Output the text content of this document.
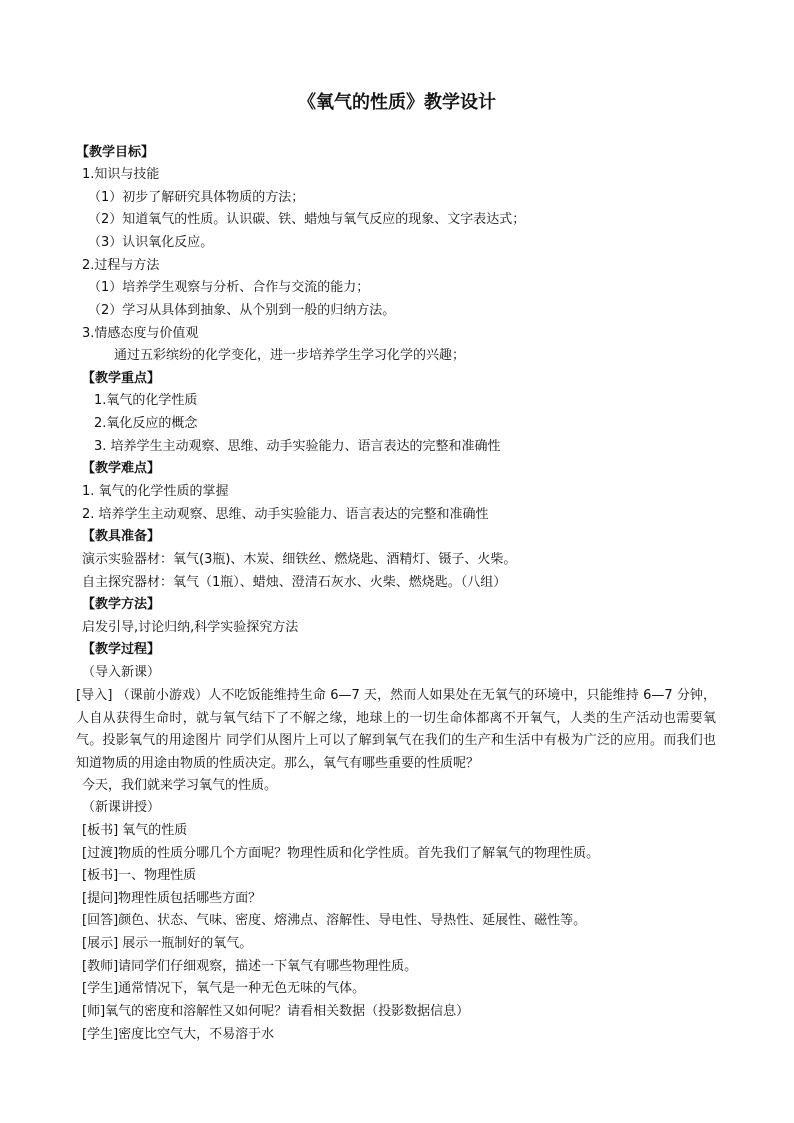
《氧气的性质》教学设计
【教学目标】
1.知识与技能
（1）初步了解研究具体物质的方法；
（2）知道氧气的性质。认识碳、铁、蜡烛与氧气反应的现象、文字表达式；
（3）认识氧化反应。
2.过程与方法
（1）培养学生观察与分析、合作与交流的能力；
（2）学习从具体到抽象、从个别到一般的归纳方法。
3.情感态度与价值观
通过五彩缤纷的化学变化，进一步培养学生学习化学的兴趣；
【教学重点】
1.氧气的化学性质
2.氧化反应的概念
3. 培养学生主动观察、思维、动手实验能力、语言表达的完整和准确性
【教学难点】
1. 氧气的化学性质的掌握
2. 培养学生主动观察、思维、动手实验能力、语言表达的完整和准确性
【教具准备】
演示实验器材：氧气(3瓶)、木炭、细铁丝、燃烧匙、酒精灯、镊子、火柴。
自主探究器材：氧气（1瓶）、蜡烛、澄清石灰水、火柴、燃烧匙。（八组）
【教学方法】
启发引导,讨论归纳,科学实验探究方法
【教学过程】
（导入新课）
[导入] （课前小游戏）人不吃饭能维持生命 6—7 天，然而人如果处在无氧气的环境中，只能维持 6—7 分钟，人自从获得生命时，就与氧气结下了不解之缘，地球上的一切生命体都离不开氧气，人类的生产活动也需要氧气。投影氧气的用途图片 同学们从图片上可以了解到氧气在我们的生产和生活中有极为广泛的应用。而我们也知道物质的用途由物质的性质决定。那么，氧气有哪些重要的性质呢？
今天，我们就来学习氧气的性质。
（新课讲授）
[板书] 氧气的性质
[过渡]物质的性质分哪几个方面呢？物理性质和化学性质。首先我们了解氧气的物理性质。
[板书]一、物理性质
[提问]物理性质包括哪些方面？
[回答]颜色、状态、气味、密度、熔沸点、溶解性、导电性、导热性、延展性、磁性等。
[展示] 展示一瓶制好的氧气。
[教师]请同学们仔细观察，描述一下氧气有哪些物理性质。
[学生]通常情况下，氧气是一种无色无味的气体。
[师]氧气的密度和溶解性又如何呢？请看相关数据（投影数据信息）
[学生]密度比空气大，不易溶于水
